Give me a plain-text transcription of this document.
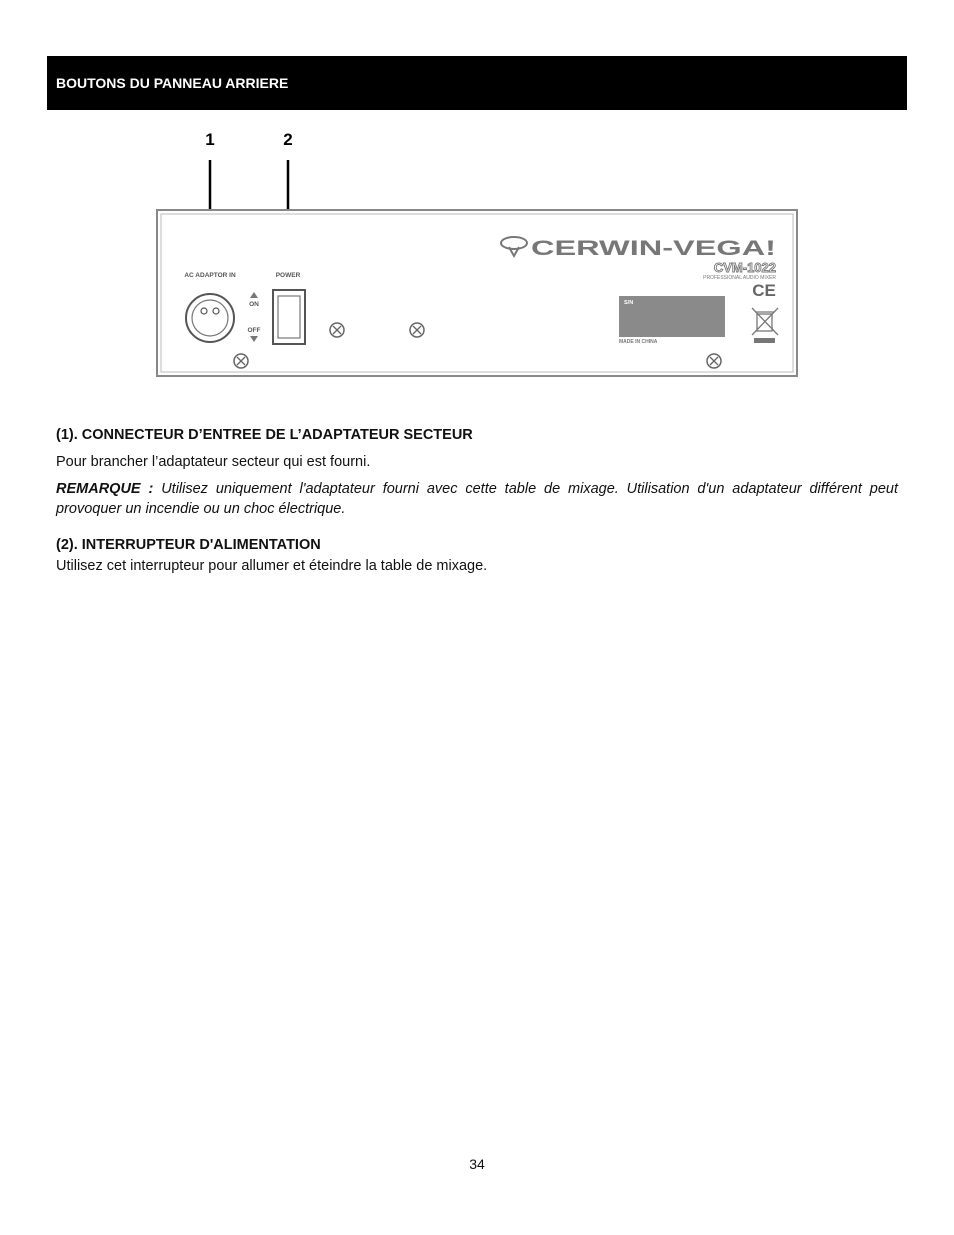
BOUTONS DU PANNEAU ARRIERE
1	2
AC ADAPTOR IN	POWER
ON
OFF
CERWIN-VEGA!
CVM-1022
PROFESSIONAL AUDIO MIXER
S/N
MADE IN CHINA
CE
(1). CONNECTEUR D’ENTREE DE L’ADAPTATEUR SECTEUR
Pour brancher l’adaptateur secteur qui est fourni.
REMARQUE : Utilisez uniquement l'adaptateur fourni avec cette table de mixage. Utilisation d'un adaptateur différent peut provoquer un incendie ou un choc électrique.
(2). INTERRUPTEUR D'ALIMENTATION
Utilisez cet interrupteur pour allumer et éteindre la table de mixage.
34
